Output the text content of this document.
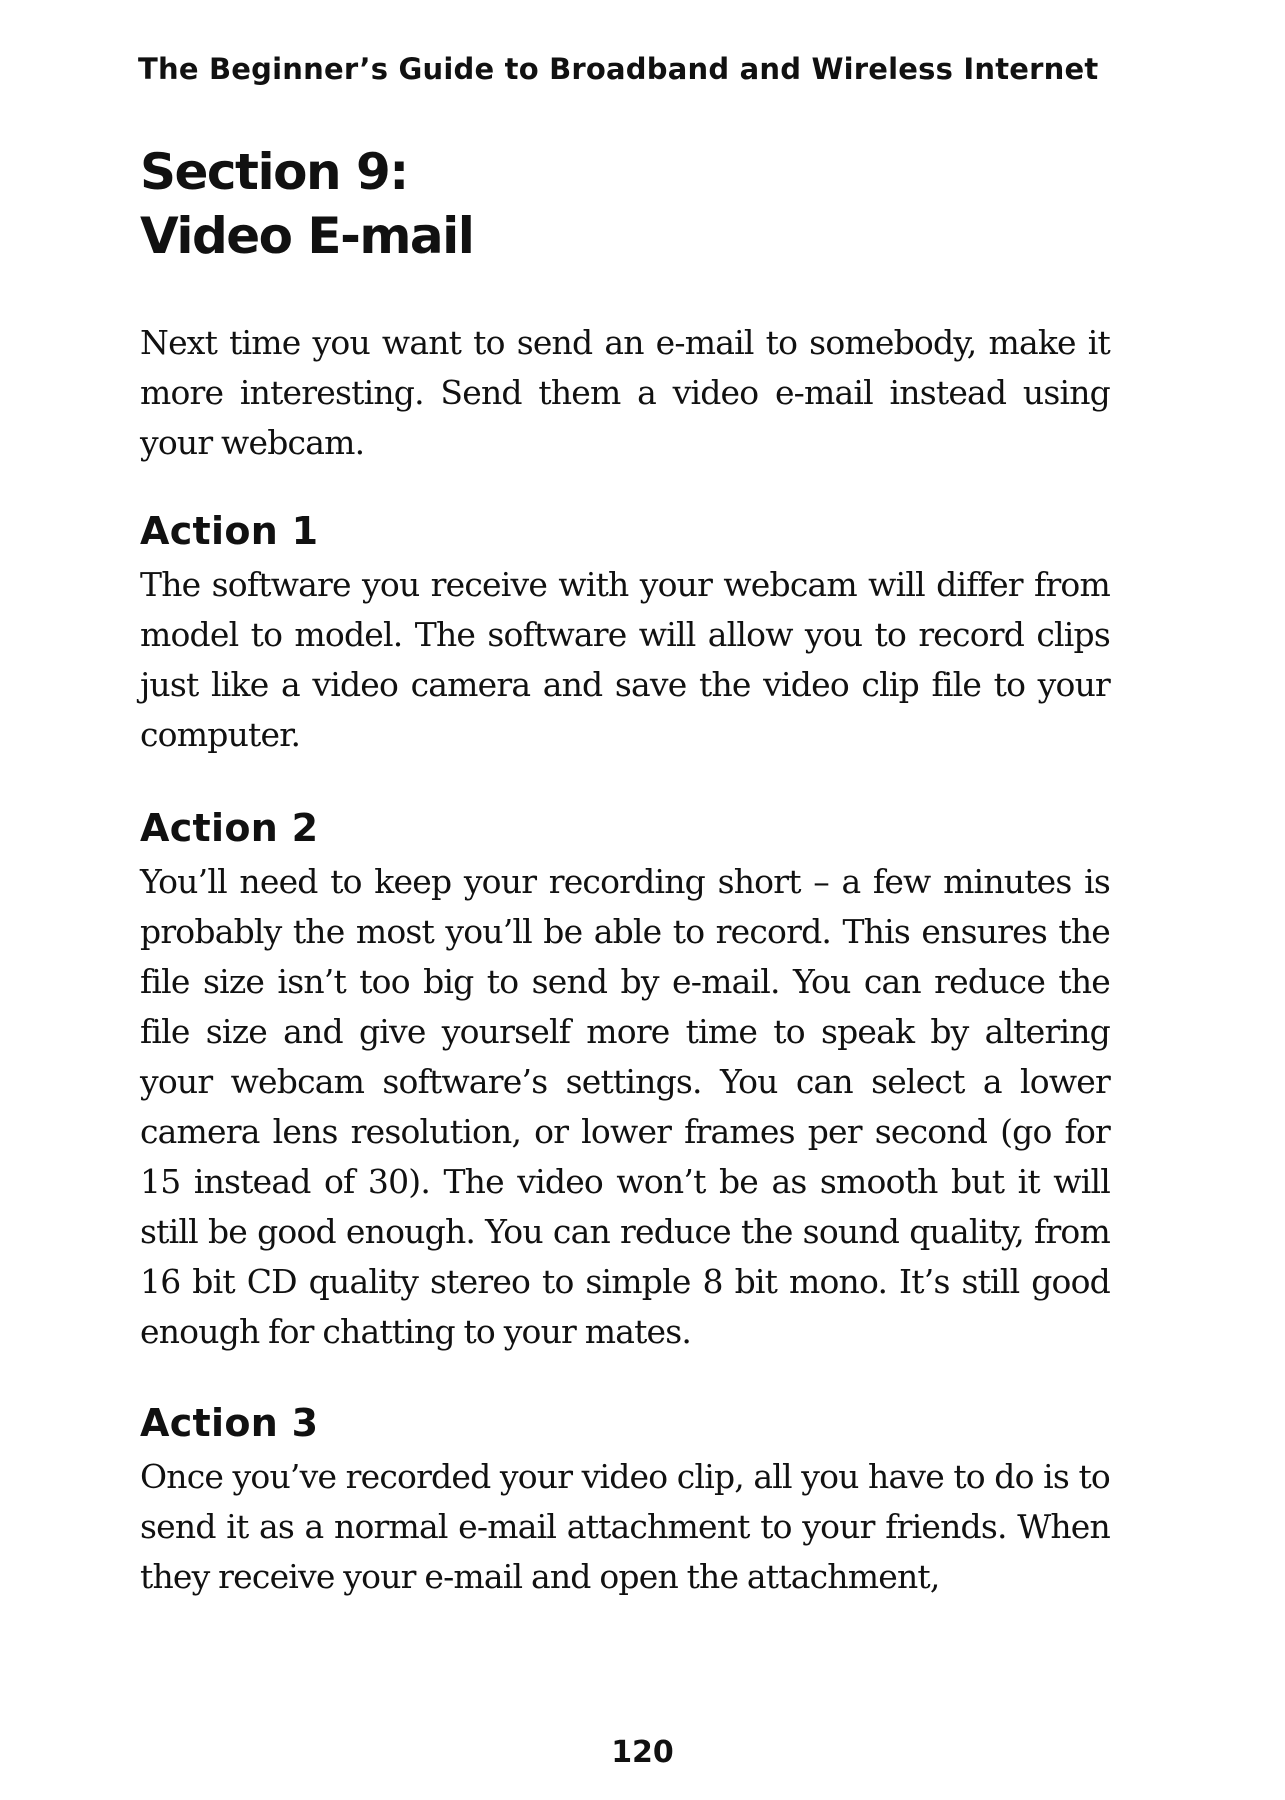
The Beginner’s Guide to Broadband and Wireless Internet
Section 9:
Video E-mail

Next time you want to send an e-mail to somebody, make it more interesting. Send them a video e-mail instead using your webcam.

Action 1

The software you receive with your webcam will differ from model to model. The software will allow you to record clips just like a video camera and save the video clip file to your computer.

Action 2

You’ll need to keep your recording short – a few minutes is probably the most you’ll be able to record. This ensures the file size isn’t too big to send by e-mail. You can reduce the file size and give yourself more time to speak by altering your webcam software’s settings. You can select a lower camera lens resolution, or lower frames per second (go for 15 instead of 30). The video won’t be as smooth but it will still be good enough. You can reduce the sound quality, from 16 bit CD quality stereo to simple 8 bit mono. It’s still good enough for chatting to your mates.

Action 3

Once you’ve recorded your video clip, all you have to do is to send it as a normal e-mail attachment to your friends. When they receive your e-mail and open the attachment,

120
